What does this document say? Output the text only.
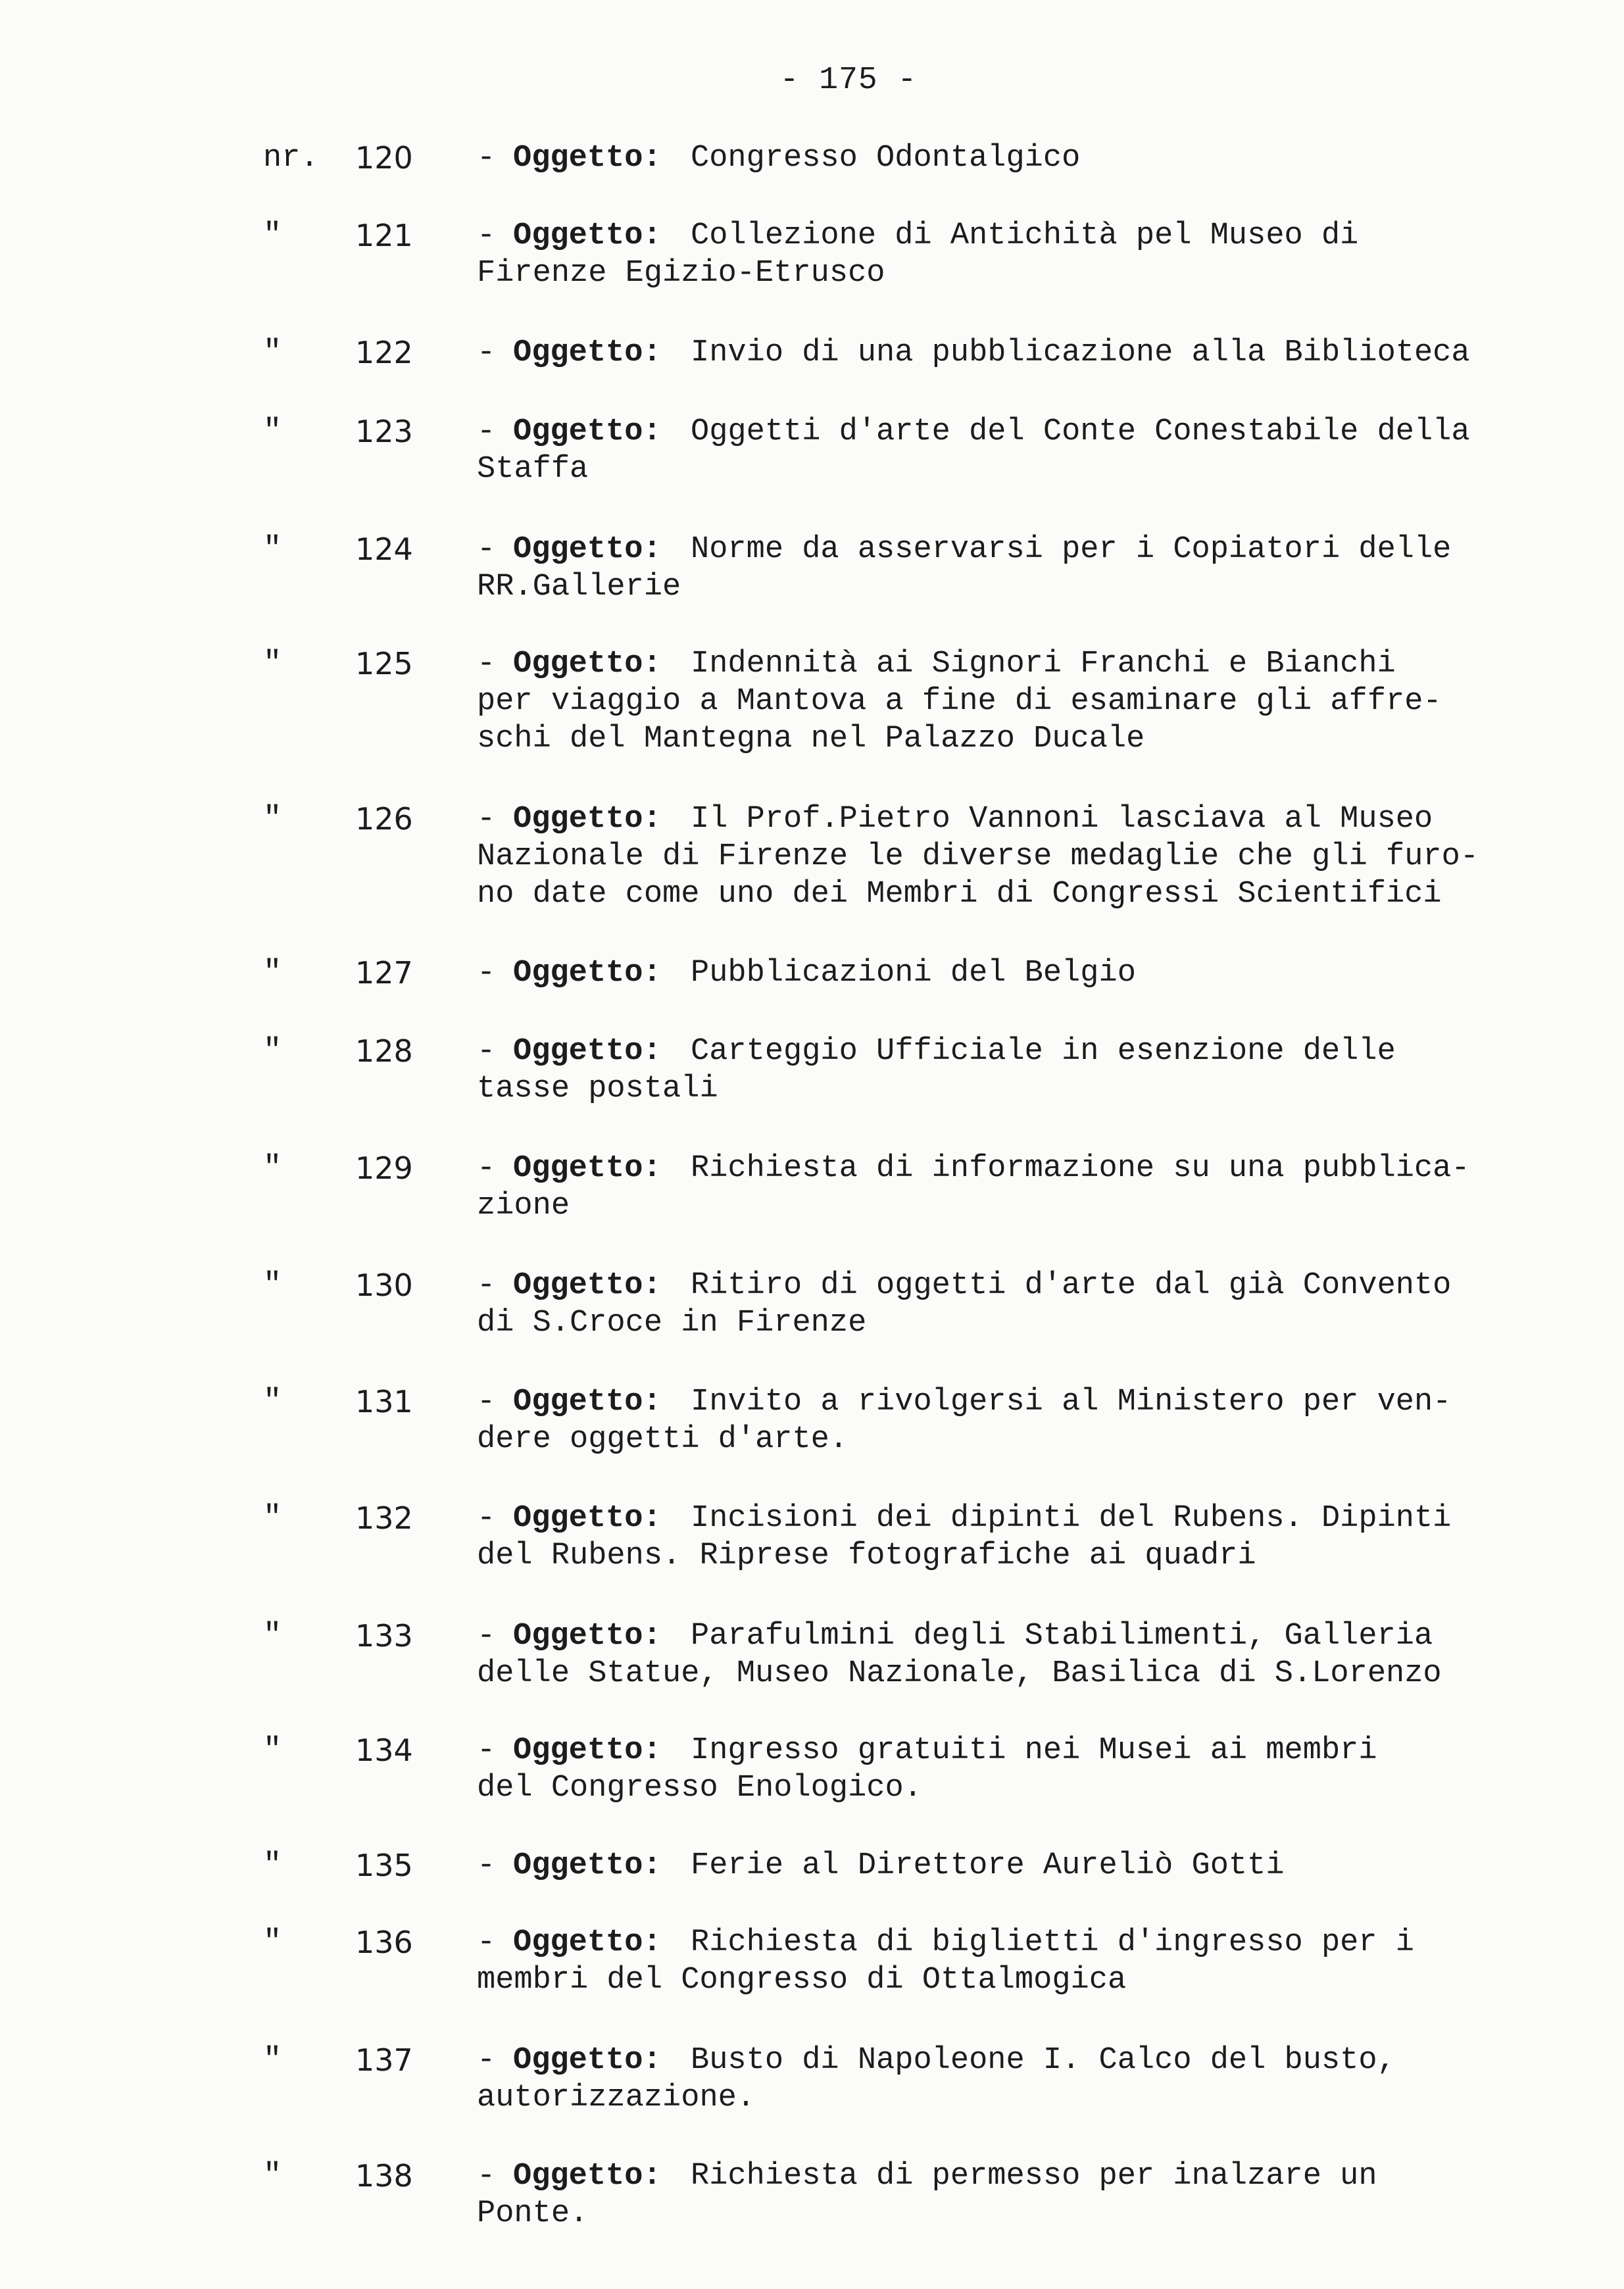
- 175 -
nr. 120 - Oggetto: Congresso Odontalgico
" 121 - Oggetto: Collezione di Antichità pel Museo di
Firenze Egizio-Etrusco
" 122 - Oggetto: Invio di una pubblicazione alla Biblioteca
" 123 - Oggetto: Oggetti d'arte del Conte Conestabile della
Staffa
" 124 - Oggetto: Norme da asservarsi per i Copiatori delle
RR.Gallerie
" 125 - Oggetto: Indennità ai Signori Franchi e Bianchi
per viaggio a Mantova a fine di esaminare gli affre-
schi del Mantegna nel Palazzo Ducale
" 126 - Oggetto: Il Prof.Pietro Vannoni lasciava al Museo
Nazionale di Firenze le diverse medaglie che gli furo-
no date come uno dei Membri di Congressi Scientifici
" 127 - Oggetto: Pubblicazioni del Belgio
" 128 - Oggetto: Carteggio Ufficiale in esenzione delle
tasse postali
" 129 - Oggetto: Richiesta di informazione su una pubblica-
zione
" 130 - Oggetto: Ritiro di oggetti d'arte dal già Convento
di S.Croce in Firenze
" 131 - Oggetto: Invito a rivolgersi al Ministero per ven-
dere oggetti d'arte.
" 132 - Oggetto: Incisioni dei dipinti del Rubens. Dipinti
del Rubens. Riprese fotografiche ai quadri
" 133 - Oggetto: Parafulmini degli Stabilimenti, Galleria
delle Statue, Museo Nazionale, Basilica di S.Lorenzo
" 134 - Oggetto: Ingresso gratuiti nei Musei ai membri
del Congresso Enologico.
" 135 - Oggetto: Ferie al Direttore Aureliò Gotti
" 136 - Oggetto: Richiesta di biglietti d'ingresso per i
membri del Congresso di Ottalmogica
" 137 - Oggetto: Busto di Napoleone I. Calco del busto,
autorizzazione.
" 138 - Oggetto: Richiesta di permesso per inalzare un
Ponte.
